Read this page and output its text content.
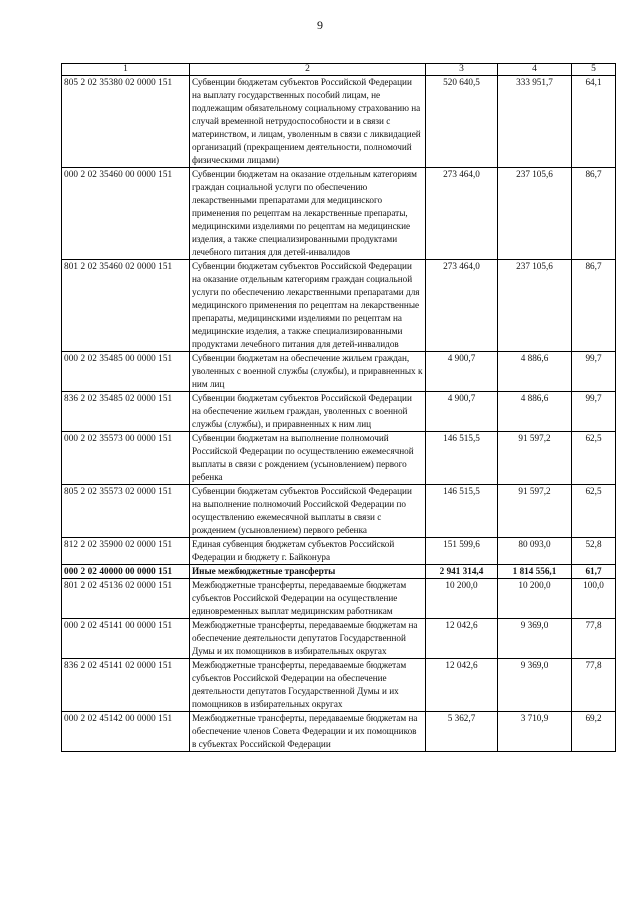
9
1	2	3	4	5
805 2 02 35380 02 0000 151	Субвенции бюджетам субъектов Российской Федерации на выплату государственных пособий лицам, не подлежащим обязательному социальному страхованию на случай временной нетрудоспособности и в связи с материнством, и лицам, уволенным в связи с ликвидацией организаций (прекращением деятельности, полномочий физическими лицами)	520 640,5	333 951,7	64,1
000 2 02 35460 00 0000 151	Субвенции бюджетам на оказание отдельным категориям граждан социальной услуги по обеспечению лекарственными препаратами для медицинского применения по рецептам на лекарственные препараты, медицинскими изделиями по рецептам на медицинские изделия, а также специализированными продуктами лечебного питания для детей-инвалидов	273 464,0	237 105,6	86,7
801 2 02 35460 02 0000 151	Субвенции бюджетам субъектов Российской Федерации на оказание отдельным категориям граждан социальной услуги по обеспечению лекарственными препаратами для медицинского применения по рецептам на лекарственные препараты, медицинскими изделиями по рецептам на медицинские изделия, а также специализированными продуктами лечебного питания для детей-инвалидов	273 464,0	237 105,6	86,7
000 2 02 35485 00 0000 151	Субвенции бюджетам на обеспечение жильем граждан, уволенных с военной службы (службы), и приравненных к ним лиц	4 900,7	4 886,6	99,7
836 2 02 35485 02 0000 151	Субвенции бюджетам субъектов Российской Федерации на обеспечение жильем граждан, уволенных с военной службы (службы), и приравненных к ним лиц	4 900,7	4 886,6	99,7
000 2 02 35573 00 0000 151	Субвенции бюджетам на выполнение полномочий Российской Федерации по осуществлению ежемесячной выплаты в связи с рождением (усыновлением) первого ребенка	146 515,5	91 597,2	62,5
805 2 02 35573 02 0000 151	Субвенции бюджетам субъектов Российской Федерации на выполнение полномочий Российской Федерации по осуществлению ежемесячной выплаты в связи с рождением (усыновлением) первого ребенка	146 515,5	91 597,2	62,5
812 2 02 35900 02 0000 151	Единая субвенция бюджетам субъектов Российской Федерации и бюджету г. Байконура	151 599,6	80 093,0	52,8
000 2 02 40000 00 0000 151	Иные межбюджетные трансферты	2 941 314,4	1 814 556,1	61,7
801 2 02 45136 02 0000 151	Межбюджетные трансферты, передаваемые бюджетам субъектов Российской Федерации на осуществление единовременных выплат медицинским работникам	10 200,0	10 200,0	100,0
000 2 02 45141 00 0000 151	Межбюджетные трансферты, передаваемые бюджетам на обеспечение деятельности депутатов Государственной Думы и их помощников в избирательных округах	12 042,6	9 369,0	77,8
836 2 02 45141 02 0000 151	Межбюджетные трансферты, передаваемые бюджетам субъектов Российской Федерации на обеспечение деятельности депутатов Государственной Думы и их помощников в избирательных округах	12 042,6	9 369,0	77,8
000 2 02 45142 00 0000 151	Межбюджетные трансферты, передаваемые бюджетам на обеспечение членов Совета Федерации и их помощников в субъектах Российской Федерации	5 362,7	3 710,9	69,2
